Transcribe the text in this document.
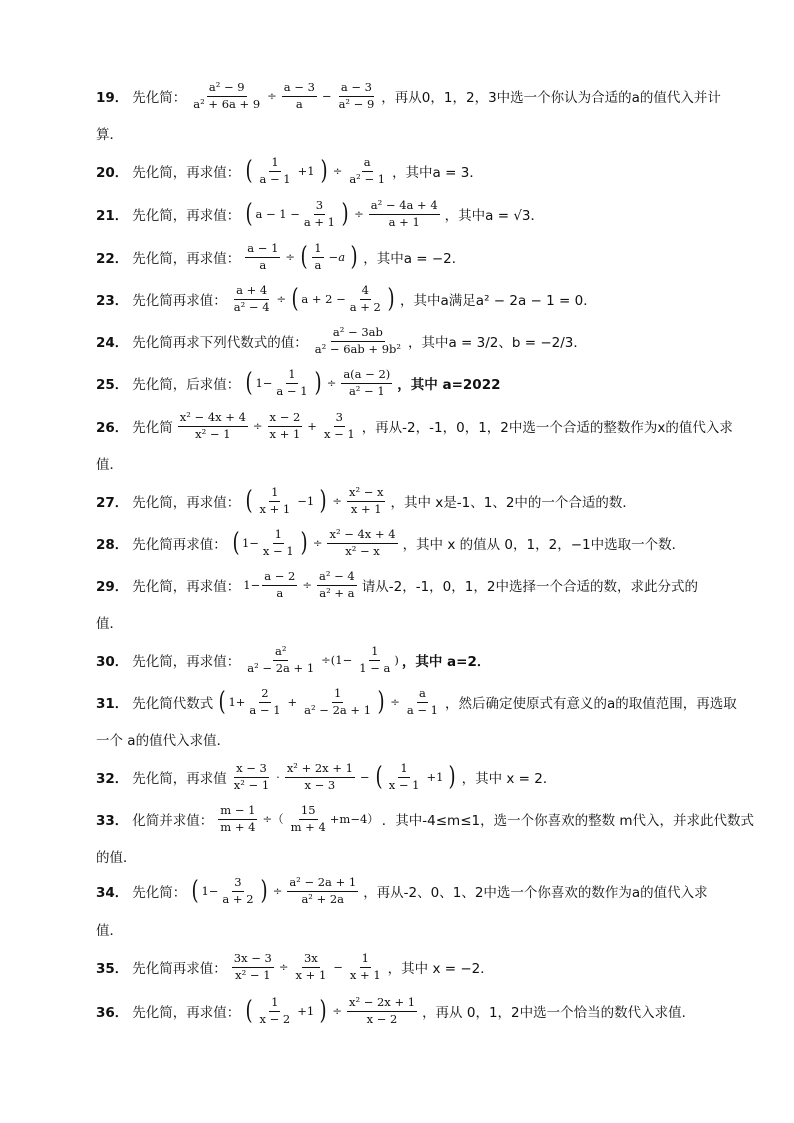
19． 先化简： $\frac{\text{a² − 9}}{\text{a² + 6a + 9}} \div \frac{a - 3}{a} - \frac{a - 3}{\text{a² − 9}}$ ，再从0，1，2，3中选一个你认为合适的a的值代入并计
算．
20． 先化简，再求值： ( $\frac{1}{a - 1} +1$ ) ÷ $\frac{a}{\text{a² − 1}}$ ，其中a = 3．
21． 先化简，再求值： ( $a - 1 - \frac{3}{a + 1}$ ) ÷ $\frac{\text{a² − 4a + 4}}{a + 1}$ ，其中a = √3．
22． 先化简，再求值： $\frac{a - 1}{a}$ ÷ ( $\frac{1}{a} -a$ ) ，其中a = −2．
23． 先化简再求值： $\frac{a + 4}{\text{a² − 4}}$ ÷ ( $a + 2 - \frac{4}{a + 2}$ ) ，其中a满足a² − 2a − 1 = 0．
24． 先化简再求下列代数式的值： $\frac{\text{a² − 3ab}}{\text{a² − 6ab + 9b²}}$ ，其中a = 3/2、b = −2/3．
25． 先化简，后求值： ( $1- \frac{1}{a - 1}$ ) ÷ $\frac{a(a - 2)}{\text{a² − 1}}$ ，其中 a=2022
26． 先化简 $\frac{\text{x² − 4x + 4}}{\text{x² − 1}} \div \frac{x - 2}{x + 1} + \frac{3}{x - 1}$ ，再从-2，-1，0，1，2中选一个合适的整数作为x的值代入求
值．
27． 先化简，再求值： ( $\frac{1}{x + 1} -1$ ) ÷ $\frac{\text{x² − x}}{x + 1}$ ，其中 x是-1、1、2中的一个合适的数．
28． 先化简再求值： ( $1- \frac{1}{x - 1}$ ) ÷ $\frac{\text{x² − 4x + 4}}{\text{x² − x}}$ ，其中 x 的值从 0，1，2，−1中选取一个数．
29． 先化简，再求值： $1- \frac{a - 2}{a} \div \frac{\text{a² − 4}}{\text{a² + a}}$ 请从-2，-1，0，1，2中选择一个合适的数，求此分式的
值．
30． 先化简，再求值： $\frac{\text{a²}}{\text{a² − 2a + 1}} \div(1- \frac{1}{1 - a}$ ) ，其中 a=2．
31． 先化简代数式 ( $1+ \frac{2}{a - 1} + \frac{1}{\text{a² − 2a + 1}}$ ) ÷ $\frac{a}{a - 1}$ ，然后确定使原式有意义的a的取值范围，再选取
一个 a的值代入求值．
32． 先化简，再求值 $\frac{x - 3}{\text{x² − 1}} \cdot \frac{\text{x² + 2x + 1}}{x - 3}$ − ( $\frac{1}{x - 1} +1$ ) ，其中 x = 2．
33． 化简并求值： $\frac{m - 1}{m + 4}$ ÷（ $\frac{15}{m + 4} +m-4$） ．其中-4≤m≤1，选一个你喜欢的整数 m代入，并求此代数式
的值．
34． 先化简： ( $1- \frac{3}{a + 2}$ ) ÷ $\frac{\text{a² − 2a + 1}}{\text{a² + 2a}}$ ，再从-2、0、1、2中选一个你喜欢的数作为a的值代入求
值．
35． 先化简再求值： $\frac{3x - 3}{\text{x² − 1}} \div \frac{3x}{x + 1} - \frac{1}{x + 1}$ ，其中 x = −2．
36． 先化简，再求值： ( $\frac{1}{x - 2} +1$ ) ÷ $\frac{\text{x² − 2x + 1}}{x - 2}$ ，再从 0，1，2中选一个恰当的数代入求值．
